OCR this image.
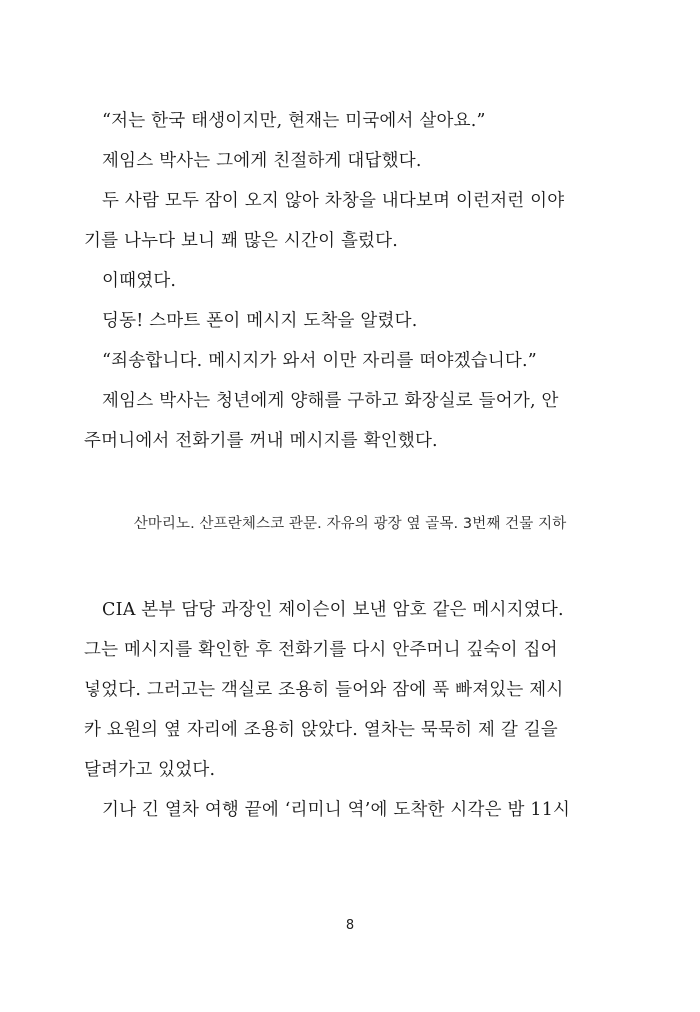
“저는 한국 태생이지만, 현재는 미국에서 살아요.”

제임스 박사는 그에게 친절하게 대답했다.

두 사람 모두 잠이 오지 않아 차창을 내다보며 이런저런 이야

기를 나누다 보니 꽤 많은 시간이 흘렀다.

이때였다.

딩동! 스마트 폰이 메시지 도착을 알렸다.

“죄송합니다. 메시지가 와서 이만 자리를 떠야겠습니다.”

제임스 박사는 청년에게 양해를 구하고 화장실로 들어가, 안

주머니에서 전화기를 꺼내 메시지를 확인했다.

산마리노. 산프란체스코 관문. 자유의 광장 옆 골목. 3번째 건물 지하

CIA 본부 담당 과장인 제이슨이 보낸 암호 같은 메시지였다.

그는 메시지를 확인한 후 전화기를 다시 안주머니 깊숙이 집어

넣었다. 그러고는 객실로 조용히 들어와 잠에 푹 빠져있는 제시

카 요원의 옆 자리에 조용히 앉았다. 열차는 묵묵히 제 갈 길을

달려가고 있었다.

기나 긴 열차 여행 끝에 ‘리미니 역’에 도착한 시각은 밤 11시

8
